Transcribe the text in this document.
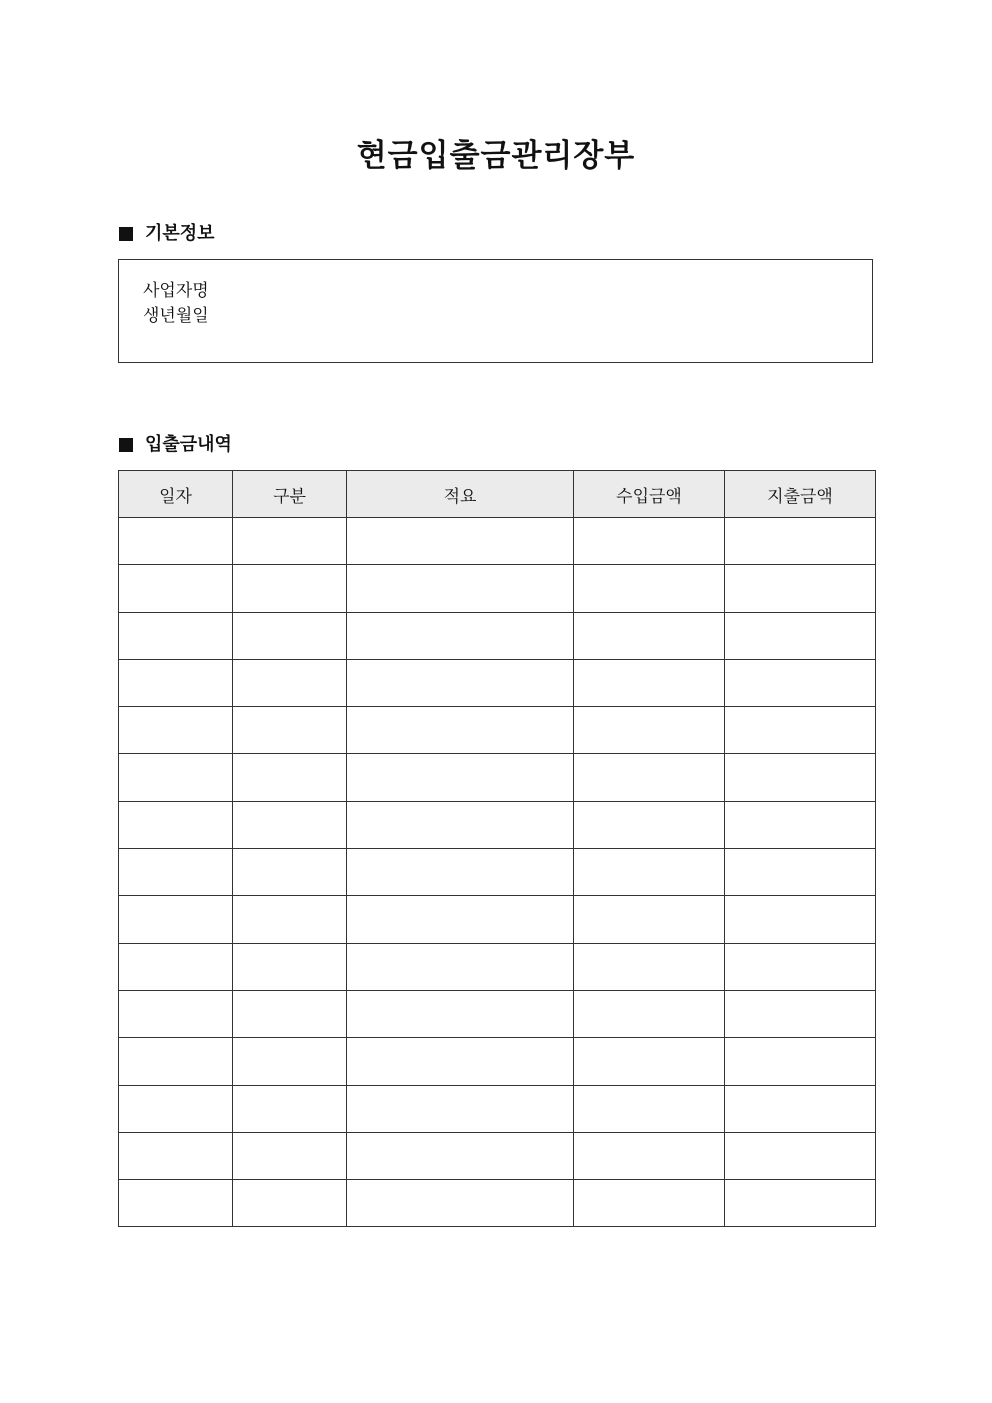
현금입출금관리장부
기본정보
사업자명
생년월일
입출금내역
일자	구분	적요	수입금액	지출금액
